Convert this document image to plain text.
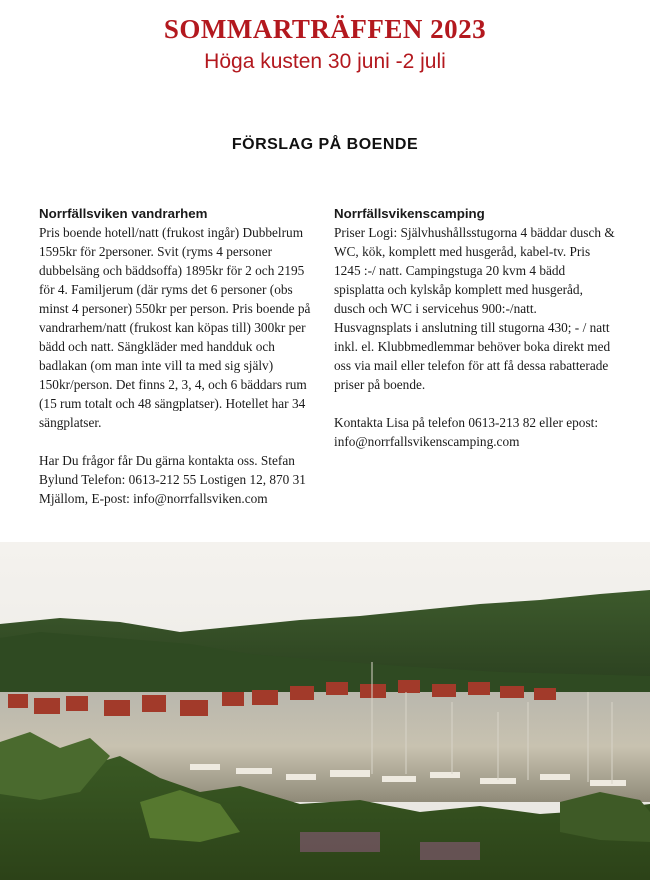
SOMMARTRÄFFEN 2023
Höga kusten 30 juni -2 juli
FÖRSLAG PÅ BOENDE
Norrfällsviken vandrarhem

Pris boende hotell/natt (frukost ingår) Dubbelrum 1595kr för 2personer. Svit (ryms 4 personer dubbelsäng och bäddsoffa) 1895kr för 2 och 2195 för 4. Familjerum (där ryms det 6 personer (obs minst 4 personer) 550kr per person. Pris boende på vandrarhem/natt (frukost kan köpas till) 300kr per bädd och natt. Sängkläder med handduk och badlakan (om man inte vill ta med sig själv) 150kr/person. Det finns 2, 3, 4, och 6 bäddars rum (15 rum totalt och 48 sängplatser). Hotellet har 34 sängplatser.

Har Du frågor får Du gärna kontakta oss. Stefan Bylund Telefon: 0613-212 55 Lostigen 12, 870 31 Mjällom, E-post: info@norrfallsviken.com

Norrfällsvikenscamping

Priser Logi: Självhushållsstugorna 4 bäddar dusch & WC, kök, komplett med husgeråd, kabel-tv. Pris 1245 :-/ natt. Campingstuga 20 kvm 4 bädd spisplatta och kylskåp komplett med husgeråd, dusch och WC i servicehus 900:-/natt. Husvagnsplats i anslutning till stugorna 430; - / natt inkl. el. Klubbmedlemmar behöver boka direkt med oss via mail eller telefon för att få dessa rabatterade priser på boende.

Kontakta Lisa på telefon 0613-213 82 eller epost: info@norrfallsvikenscamping.com
